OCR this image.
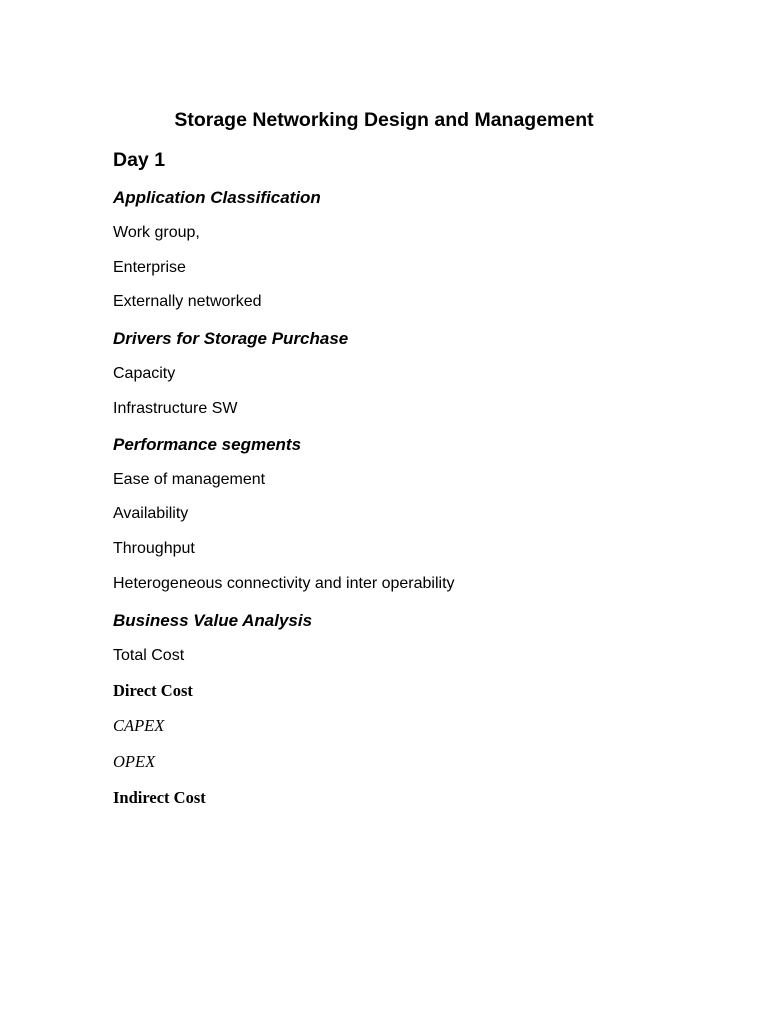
Storage Networking Design and Management
Day 1
Application Classification
Work group,
Enterprise
Externally networked
Drivers for Storage Purchase
Capacity
Infrastructure SW
Performance segments
Ease of management
Availability
Throughput
Heterogeneous connectivity and inter operability
Business Value Analysis
Total Cost
Direct Cost
CAPEX
OPEX
Indirect Cost
